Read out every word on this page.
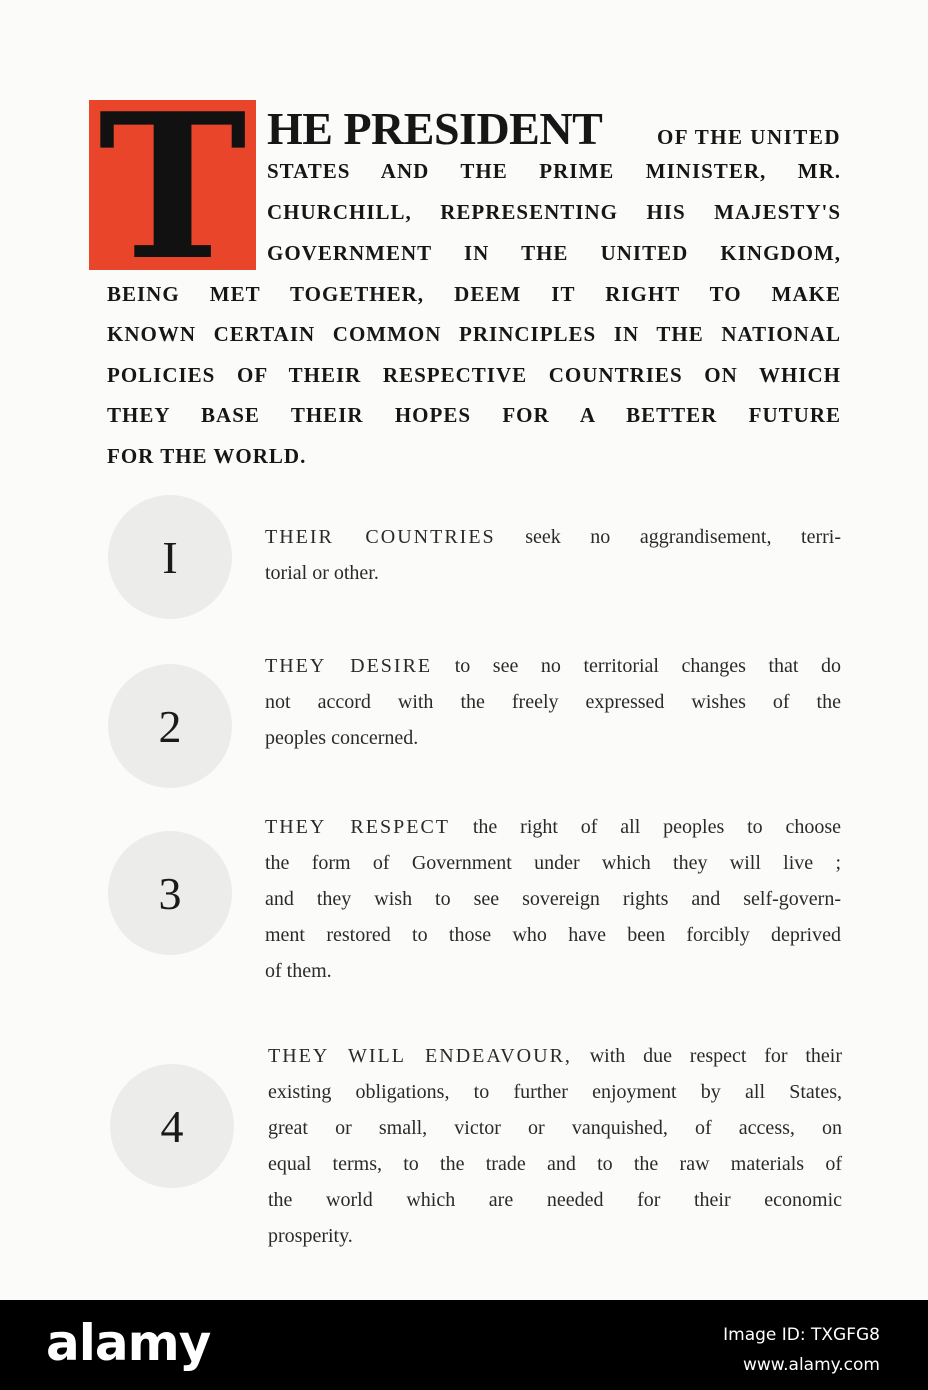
T HE PRESIDENT	OF THE UNITED
STATES AND THE PRIME MINISTER, MR.
CHURCHILL, REPRESENTING HIS MAJESTY'S
GOVERNMENT IN THE UNITED KINGDOM,
BEING MET TOGETHER, DEEM IT RIGHT TO MAKE
KNOWN CERTAIN COMMON PRINCIPLES IN THE NATIONAL
POLICIES OF THEIR RESPECTIVE COUNTRIES ON WHICH
THEY BASE THEIR HOPES FOR A BETTER FUTURE
FOR THE WORLD.
I	THEIR COUNTRIES seek no aggrandisement, terri-
torial or other.
2
THEY DESIRE to see no territorial changes that do
not accord with the freely expressed wishes of the
peoples concerned.
3
THEY RESPECT the right of all peoples to choose
the form of Government under which they will live ;
and they wish to see sovereign rights and self-govern-
ment restored to those who have been forcibly deprived
of them.
4
THEY WILL ENDEAVOUR, with due respect for their
existing obligations, to further enjoyment by all States,
great or small, victor or vanquished, of access, on
equal terms, to the trade and to the raw materials of
the world which are needed for their economic
prosperity.
alamy	Image ID: TXGFG8
www.alamy.com
